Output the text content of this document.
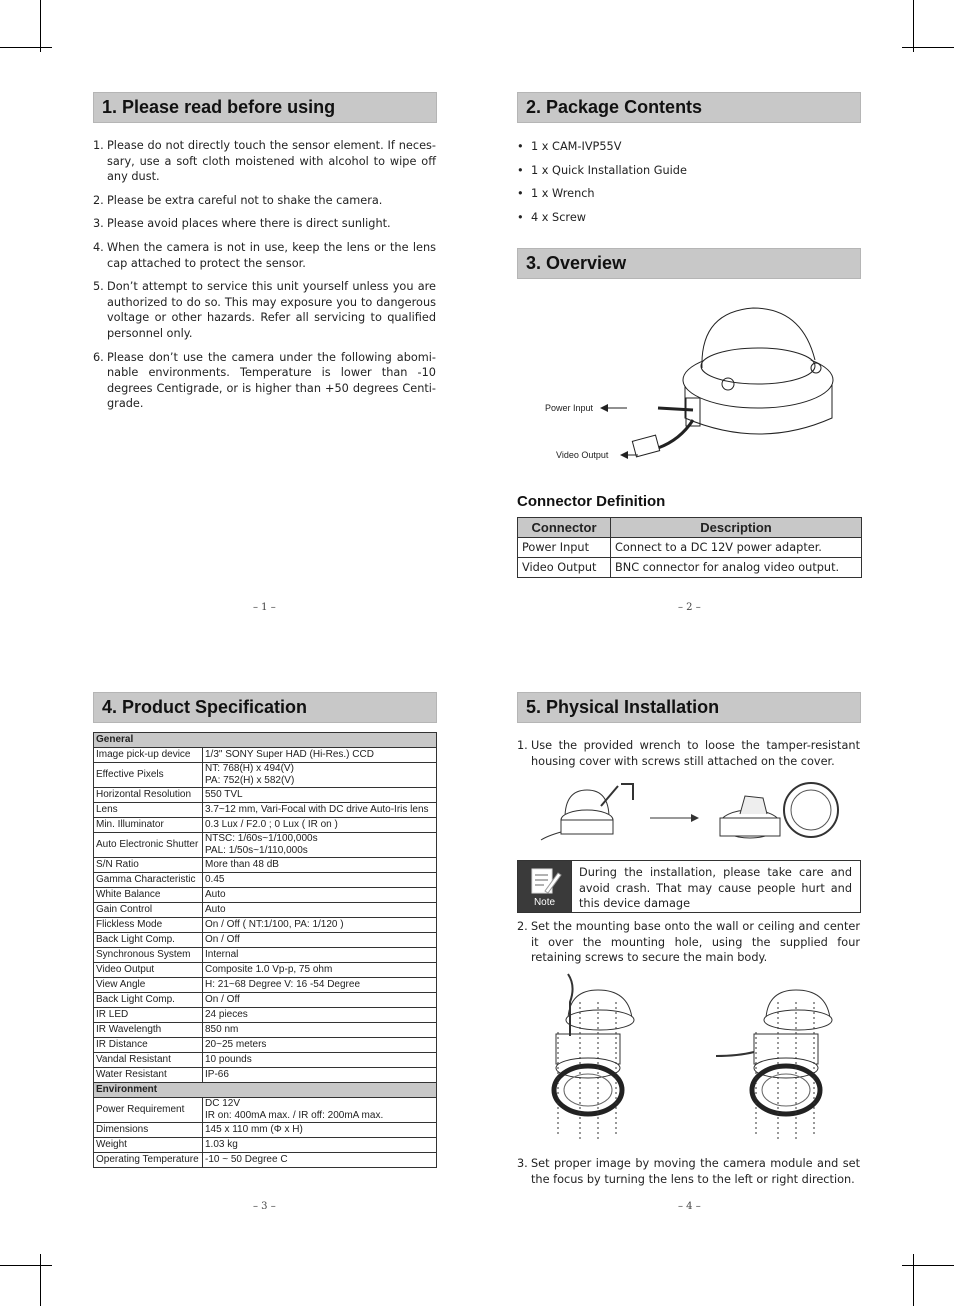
1. Please read before using
1. Please do not directly touch the sensor element. If neces-sary, use a soft cloth moistened with alcohol to wipe off any dust.
2. Please be extra careful not to shake the camera.
3. Please avoid places where there is direct sunlight.
4. When the camera is not in use, keep the lens or the lens cap attached to protect the sensor.
5. Don’t attempt to service this unit yourself unless you are authorized to do so. This may exposure you to dangerous voltage or other hazards. Refer all servicing to qualified personnel only.
6. Please don’t use the camera under the following abomi-nable environments. Temperature is lower than -10 degrees Centigrade, or is higher than +50 degrees Centi-grade.
2. Package Contents
• 1 x CAM-IVP55V
• 1 x Quick Installation Guide
• 1 x Wrench
• 4 x Screw
3. Overview
Power Input
Video Output
Connector Definition
Connector	Description
Power Input	Connect to a DC 12V power adapter.
Video Output	BNC connector for analog video output.
– 1 –	– 2 –
4. Product Specification
General	
Image pick-up device	1/3" SONY Super HAD (Hi-Res.) CCD
Effective Pixels	NT: 768(H) x 494(V)
PA: 752(H) x 582(V)
Horizontal Resolution	550 TVL
Lens	3.7~12 mm, Vari-Focal with DC drive Auto-Iris lens
Min. Illuminator	0.3 Lux / F2.0 ; 0 Lux ( IR on )
Auto Electronic Shutter	NTSC: 1/60s~1/100,000s
PAL: 1/50s~1/110,000s
S/N Ratio	More than 48 dB
Gamma Characteristic	0.45
White Balance	Auto
Gain Control	Auto
Flickless Mode	On / Off ( NT:1/100, PA: 1/120 )
Back Light Comp.	On / Off
Synchronous System	Internal
Video Output	Composite 1.0 Vp-p, 75 ohm
View Angle	H: 21~68 Degree V: 16 -54 Degree
Back Light Comp.	On / Off
IR LED	24 pieces
IR Wavelength	850 nm
IR Distance	20~25 meters
Vandal Resistant	10 pounds
Water Resistant	IP-66
Environment	
Power Requirement	DC 12V
IR on: 400mA max. / IR off: 200mA max.
Dimensions	145 x 110 mm (Φ x H)
Weight	1.03 kg
Operating Temperature	-10 ~ 50 Degree C
5. Physical Installation
1. Use the provided wrench to loose the tamper-resistant housing cover with screws still attached on the cover.
Note
During the installation, please take care and avoid crash. That may cause people hurt and this device damage
2. Set the mounting base onto the wall or ceiling and center it over the mounting hole, using the supplied four retaining screws to secure the main body.
3. Set proper image by moving the camera module and set the focus by turning the lens to the left or right direction.
– 3 –	– 4 –
